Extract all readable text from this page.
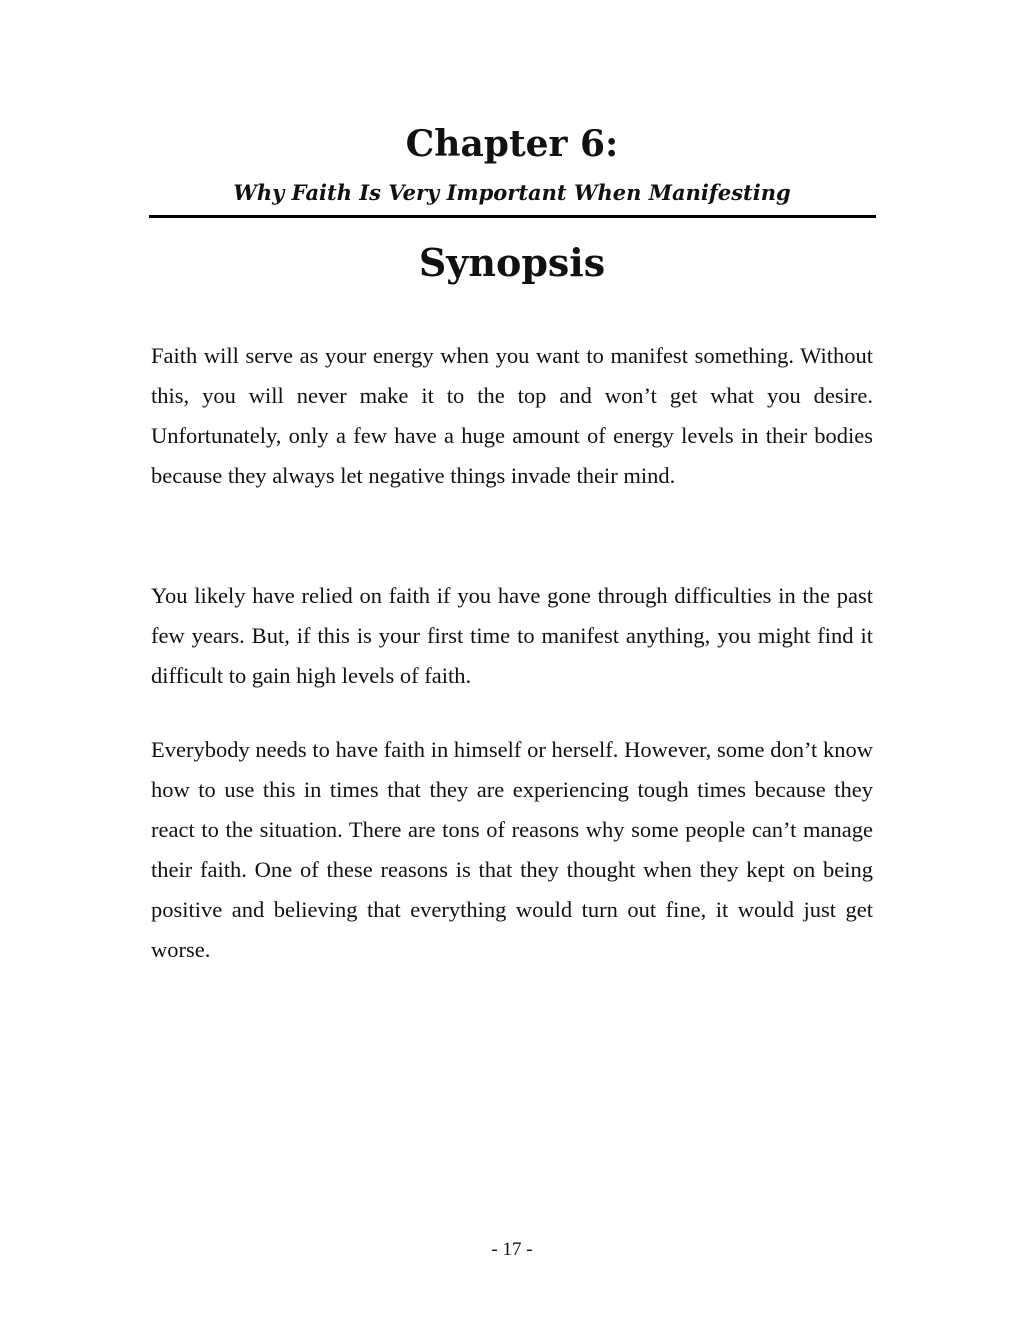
Chapter 6:
Why Faith Is Very Important When Manifesting
Synopsis

Faith will serve as your energy when you want to manifest something. Without this, you will never make it to the top and won’t get what you desire. Unfortunately, only a few have a huge amount of energy levels in their bodies because they always let negative things invade their mind.

You likely have relied on faith if you have gone through difficulties in the past few years. But, if this is your first time to manifest anything, you might find it difficult to gain high levels of faith.

Everybody needs to have faith in himself or herself. However, some don’t know how to use this in times that they are experiencing tough times because they react to the situation. There are tons of reasons why some people can’t manage their faith. One of these reasons is that they thought when they kept on being positive and believing that everything would turn out fine, it would just get worse.

- 17 -
